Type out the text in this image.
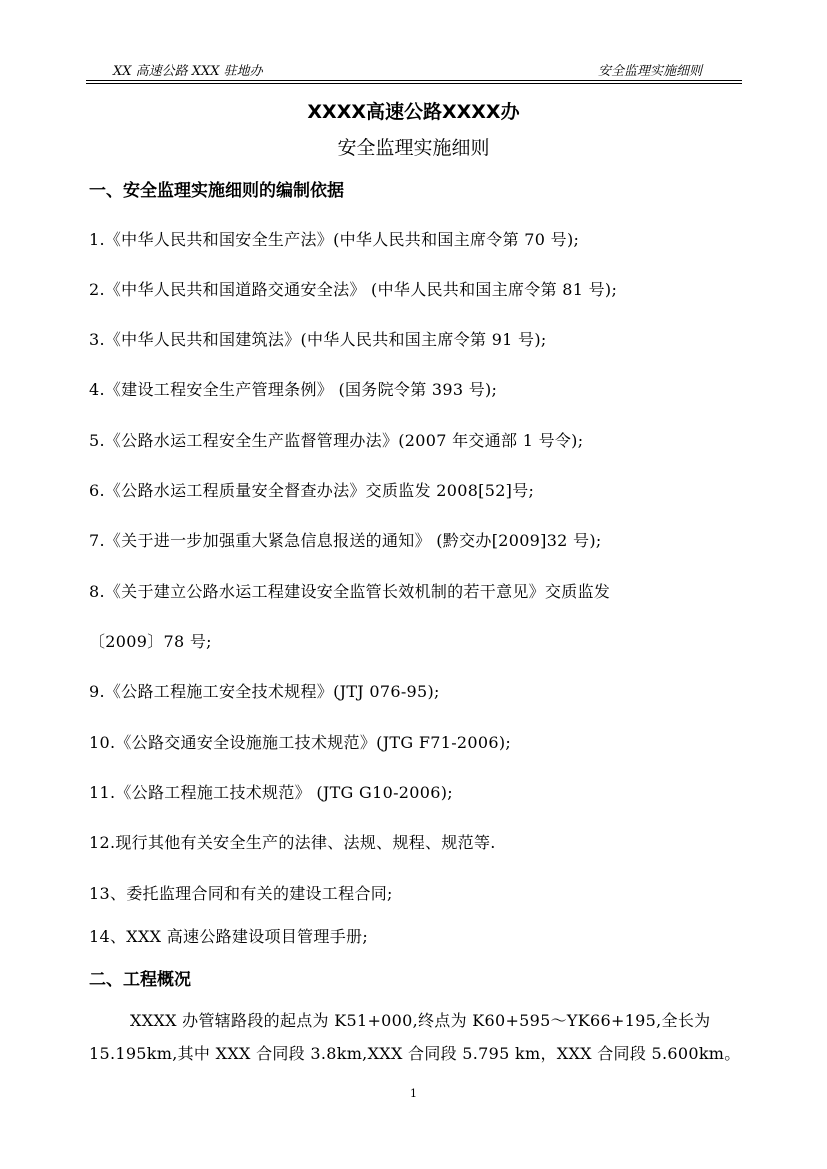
XX 高速公路 XXX 驻地办	安全监理实施细则
XXXX高速公路XXXX办
安全监理实施细则
一、安全监理实施细则的编制依据
1.《中华人民共和国安全生产法》(中华人民共和国主席令第 70 号);
2.《中华人民共和国道路交通安全法》 (中华人民共和国主席令第 81 号);
3.《中华人民共和国建筑法》(中华人民共和国主席令第 91 号);
4.《建设工程安全生产管理条例》 (国务院令第 393 号);
5.《公路水运工程安全生产监督管理办法》(2007 年交通部 1 号令);
6.《公路水运工程质量安全督查办法》交质监发 2008[52]号;
7.《关于进一步加强重大紧急信息报送的通知》 (黔交办[2009]32 号);
8.《关于建立公路水运工程建设安全监管长效机制的若干意见》交质监发
〔2009〕78 号;
9.《公路工程施工安全技术规程》(JTJ 076-95);
10.《公路交通安全设施施工技术规范》(JTG F71-2006);
11.《公路工程施工技术规范》 (JTG G10-2006);
12.现行其他有关安全生产的法律、法规、规程、规范等.
13、委托监理合同和有关的建设工程合同;
14、XXX 高速公路建设项目管理手册;
二、工程概况
XXXX 办管辖路段的起点为 K51+000,终点为 K60+595～YK66+195,全长为
15.195km,其中 XXX 合同段 3.8km,XXX 合同段 5.795 km，XXX 合同段 5.600km。
1
